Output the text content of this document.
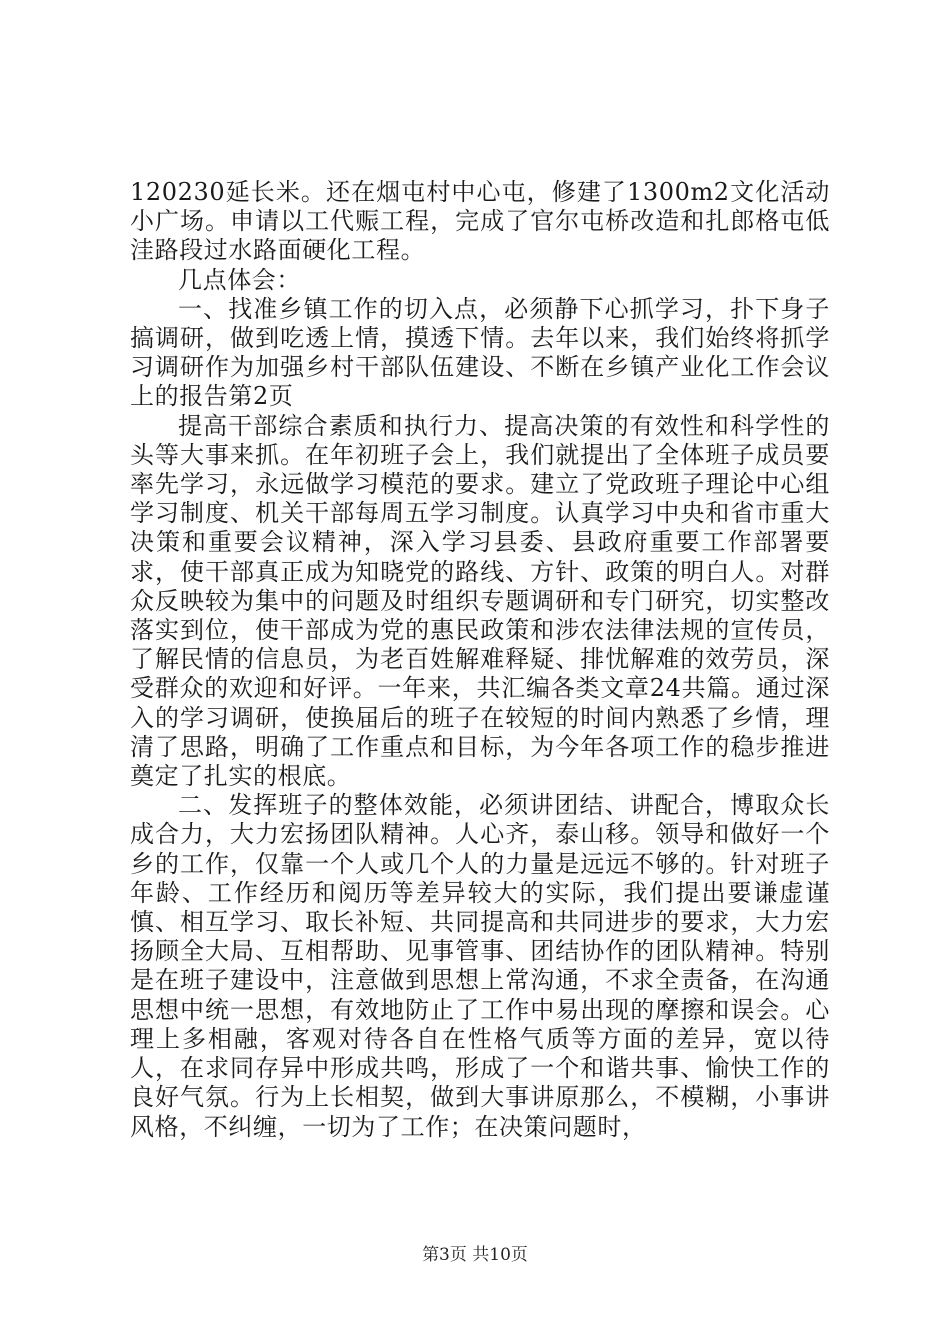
120230延长米。还在烟屯村中心屯，修建了1300m2文化活动小广场。申请以工代赈工程，完成了官尔屯桥改造和扎郎格屯低洼路段过水路面硬化工程。

几点体会：

一、找准乡镇工作的切入点，必须静下心抓学习，扑下身子搞调研，做到吃透上情，摸透下情。去年以来，我们始终将抓学习调研作为加强乡村干部队伍建设、不断在乡镇产业化工作会议上的报告第2页

提高干部综合素质和执行力、提高决策的有效性和科学性的头等大事来抓。在年初班子会上，我们就提出了全体班子成员要率先学习，永远做学习模范的要求。建立了党政班子理论中心组学习制度、机关干部每周五学习制度。认真学习中央和省市重大决策和重要会议精神，深入学习县委、县政府重要工作部署要求，使干部真正成为知晓党的路线、方针、政策的明白人。对群众反映较为集中的问题及时组织专题调研和专门研究，切实整改落实到位，使干部成为党的惠民政策和涉农法律法规的宣传员，了解民情的信息员，为老百姓解难释疑、排忧解难的效劳员，深受群众的欢迎和好评。一年来，共汇编各类文章24共篇。通过深入的学习调研，使换届后的班子在较短的时间内熟悉了乡情，理清了思路，明确了工作重点和目标，为今年各项工作的稳步推进奠定了扎实的根底。

二、发挥班子的整体效能，必须讲团结、讲配合，博取众长成合力，大力宏扬团队精神。人心齐，泰山移。领导和做好一个乡的工作，仅靠一个人或几个人的力量是远远不够的。针对班子年龄、工作经历和阅历等差异较大的实际，我们提出要谦虚谨慎、相互学习、取长补短、共同提高和共同进步的要求，大力宏扬顾全大局、互相帮助、见事管事、团结协作的团队精神。特别是在班子建设中，注意做到思想上常沟通，不求全责备，在沟通思想中统一思想，有效地防止了工作中易出现的摩擦和误会。心理上多相融，客观对待各自在性格气质等方面的差异，宽以待人，在求同存异中形成共鸣，形成了一个和谐共事、愉快工作的良好气氛。行为上长相契，做到大事讲原那么，不模糊，小事讲风格，不纠缠，一切为了工作；在决策问题时，

第3页 共10页
